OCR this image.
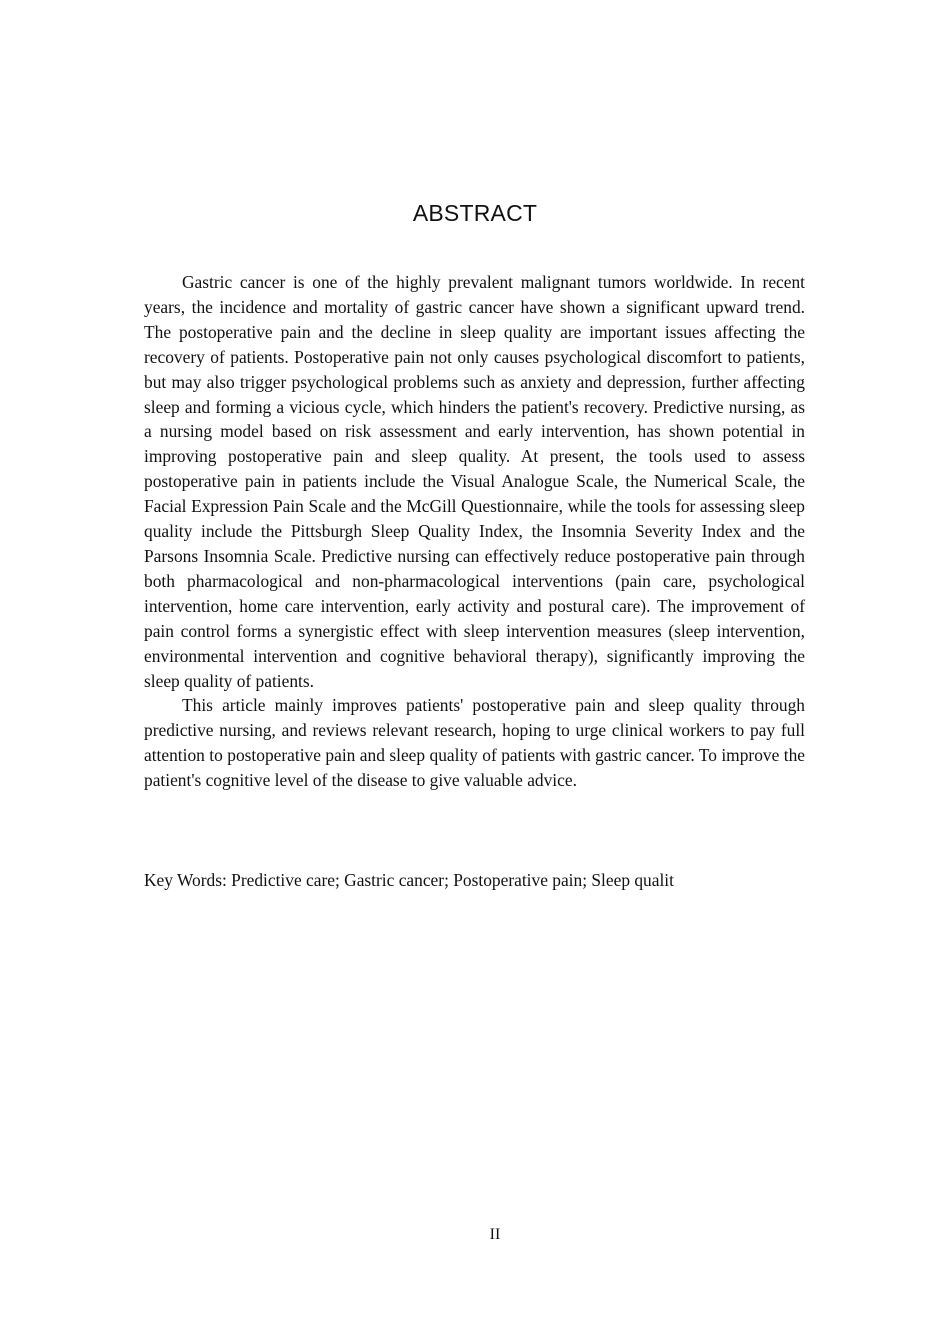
ABSTRACT

Gastric cancer is one of the highly prevalent malignant tumors worldwide. In recent years, the incidence and mortality of gastric cancer have shown a significant upward trend. The postoperative pain and the decline in sleep quality are important issues affecting the recovery of patients. Postoperative pain not only causes psychological discomfort to patients, but may also trigger psychological problems such as anxiety and depression, further affecting sleep and forming a vicious cycle, which hinders the patient's recovery. Predictive nursing, as a nursing model based on risk assessment and early intervention, has shown potential in improving postoperative pain and sleep quality. At present, the tools used to assess postoperative pain in patients include the Visual Analogue Scale, the Numerical Scale, the Facial Expression Pain Scale and the McGill Questionnaire, while the tools for assessing sleep quality include the Pittsburgh Sleep Quality Index, the Insomnia Severity Index and the Parsons Insomnia Scale. Predictive nursing can effectively reduce postoperative pain through both pharmacological and non-pharmacological interventions (pain care, psychological intervention, home care intervention, early activity and postural care). The improvement of pain control forms a synergistic effect with sleep intervention measures (sleep intervention, environmental intervention and cognitive behavioral therapy), significantly improving the sleep quality of patients.

This article mainly improves patients' postoperative pain and sleep quality through predictive nursing, and reviews relevant research, hoping to urge clinical workers to pay full attention to postoperative pain and sleep quality of patients with gastric cancer. To improve the patient's cognitive level of the disease to give valuable advice.

Key Words: Predictive care; Gastric cancer; Postoperative pain; Sleep qualit

II
